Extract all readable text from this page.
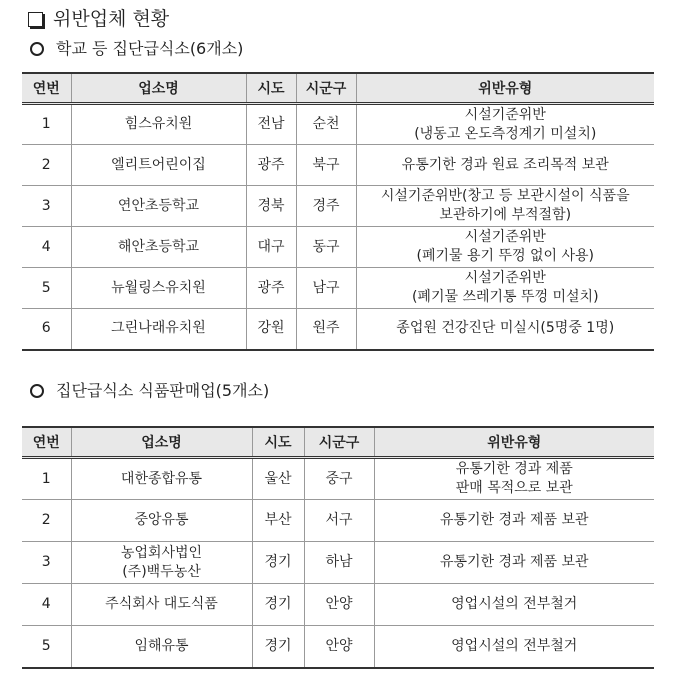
위반업체 현황
학교 등 집단급식소(6개소)
연번	업소명	시도	시군구	위반유형
1	힘스유치원	전남	순천	시설기준위반
(냉동고 온도측정계기 미설치)
2	엘리트어린이집	광주	북구	유통기한 경과 원료 조리목적 보관
3	연안초등학교	경북	경주	시설기준위반(창고 등 보관시설이 식품을
보관하기에 부적절함)
4	해안초등학교	대구	동구	시설기준위반
(폐기물 용기 뚜껑 없이 사용)
5	뉴월링스유치원	광주	남구	시설기준위반
(폐기물 쓰레기통 뚜껑 미설치)
6	그린나래유치원	강원	원주	종업원 건강진단 미실시(5명중 1명)
집단급식소 식품판매업(5개소)
연번	업소명	시도	시군구	위반유형
1	대한종합유통	울산	중구	유통기한 경과 제품
판매 목적으로 보관
2	중앙유통	부산	서구	유통기한 경과 제품 보관
3	농업회사법인
(주)백두농산	경기	하남	유통기한 경과 제품 보관
4	주식회사 대도식품	경기	안양	영업시설의 전부철거
5	임해유통	경기	안양	영업시설의 전부철거
